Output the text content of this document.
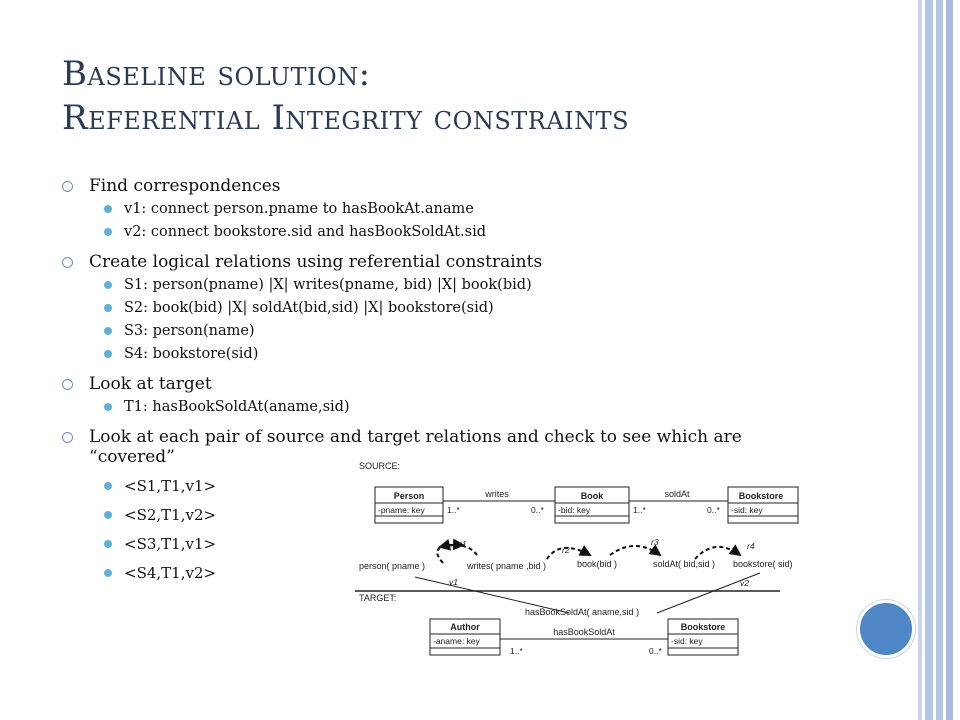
Baseline solution:
Referential Integrity constraints
Find correspondences
v1: connect person.pname to hasBookAt.aname
v2: connect bookstore.sid and hasBookSoldAt.sid
Create logical relations using referential constraints
S1: person(pname) |X| writes(pname, bid) |X| book(bid)
S2: book(bid) |X| soldAt(bid,sid) |X| bookstore(sid)
S3: person(name)
S4: bookstore(sid)
Look at target
T1: hasBookSoldAt(aname,sid)
Look at each pair of source and target relations and check to see which are “covered”
<S1,T1,v1>
<S2,T1,v2>
<S3,T1,v1>
<S4,T1,v2>
SOURCE:
Person
-pname: key
Book
-bid: key
Bookstore
-sid: key
writes
1..*	0..*
soldAt
1..*	0..*
r1
r2
r3	r4
person( pname )	writes( pname ,bid )	book(bid )	soldAt( bid,sid ) bookstore( sid)
v1	v2
TARGET:
hasBookSoldAt( aname,sid )
Author
-aname: key
Bookstore
-sid: key
hasBookSoldAt
1..*	0..*
